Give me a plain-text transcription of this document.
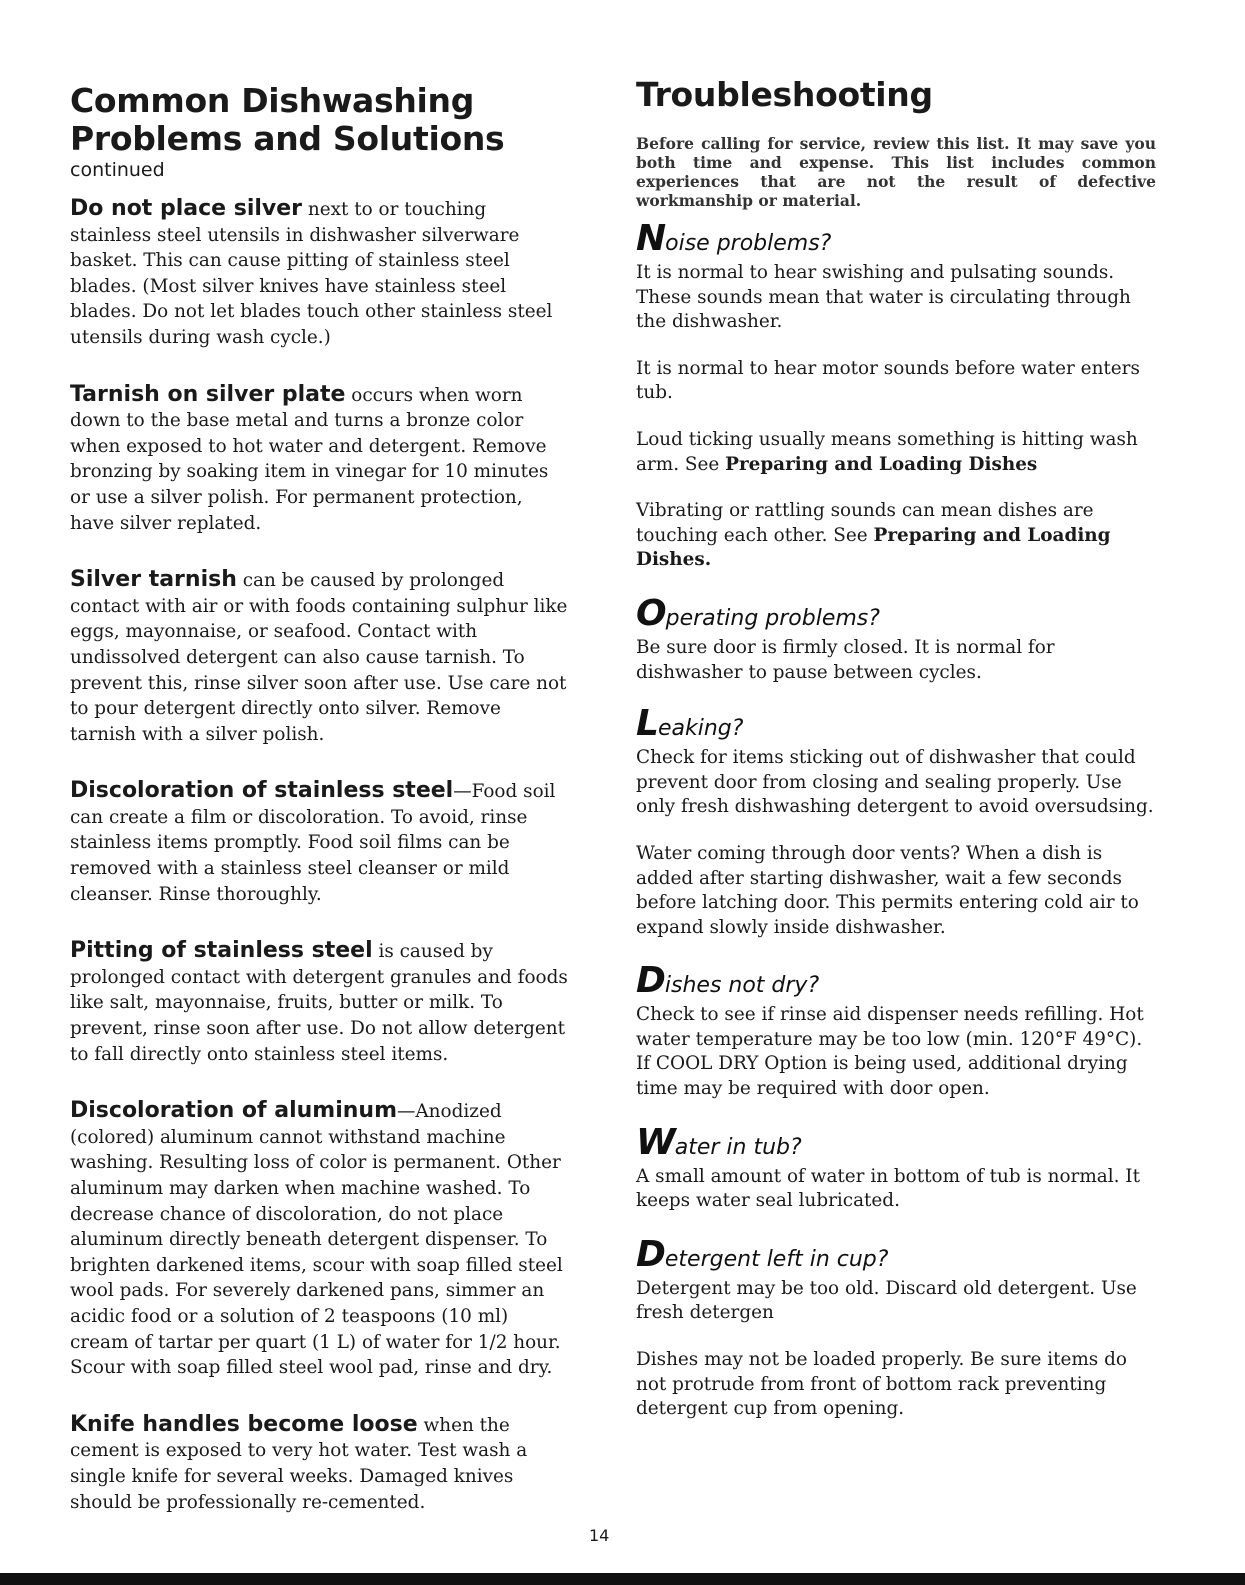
Common Dishwashing Problems and Solutions
continued

Do not place silver next to or touching stainless steel utensils in dishwasher silverware basket. This can cause pitting of stainless steel blades. (Most silver knives have stainless steel blades. Do not let blades touch other stainless steel utensils during wash cycle.)

Tarnish on silver plate occurs when worn down to the base metal and turns a bronze color when exposed to hot water and detergent. Remove bronzing by soaking item in vinegar for 10 minutes or use a silver polish. For permanent protection, have silver replated.

Silver tarnish can be caused by prolonged contact with air or with foods containing sulphur like eggs, mayonnaise, or seafood. Contact with undissolved detergent can also cause tarnish. To prevent this, rinse silver soon after use. Use care not to pour detergent directly onto silver. Remove tarnish with a silver polish.

Discoloration of stainless steel—Food soil can create a film or discoloration. To avoid, rinse stainless items promptly. Food soil films can be removed with a stainless steel cleanser or mild cleanser. Rinse thoroughly.

Pitting of stainless steel is caused by prolonged contact with detergent granules and foods like salt, mayonnaise, fruits, butter or milk. To prevent, rinse soon after use. Do not allow detergent to fall directly onto stainless steel items.

Discoloration of aluminum—Anodized (colored) aluminum cannot withstand machine washing. Resulting loss of color is permanent. Other aluminum may darken when machine washed. To decrease chance of discoloration, do not place aluminum directly beneath detergent dispenser. To brighten darkened items, scour with soap filled steel wool pads. For severely darkened pans, simmer an acidic food or a solution of 2 teaspoons (10 ml) cream of tartar per quart (1 L) of water for 1/2 hour. Scour with soap filled steel wool pad, rinse and dry.

Knife handles become loose when the cement is exposed to very hot water. Test wash a single knife for several weeks. Damaged knives should be professionally re-cemented.

Troubleshooting

Before calling for service, review this list. It may save you both time and expense. This list includes common experiences that are not the result of defective workmanship or material.

Noise problems?

It is normal to hear swishing and pulsating sounds. These sounds mean that water is circulating through the dishwasher.

It is normal to hear motor sounds before water enters tub.

Loud ticking usually means something is hitting wash arm. See Preparing and Loading Dishes

Vibrating or rattling sounds can mean dishes are touching each other. See Preparing and Loading Dishes.

Operating problems?

Be sure door is firmly closed. It is normal for dishwasher to pause between cycles.

Leaking?

Check for items sticking out of dishwasher that could prevent door from closing and sealing properly. Use only fresh dishwashing detergent to avoid oversudsing.

Water coming through door vents? When a dish is added after starting dishwasher, wait a few seconds before latching door. This permits entering cold air to expand slowly inside dishwasher.

Dishes not dry?

Check to see if rinse aid dispenser needs refilling. Hot water temperature may be too low (min. 120°F 49°C). If COOL DRY Option is being used, additional drying time may be required with door open.

Water in tub?

A small amount of water in bottom of tub is normal. It keeps water seal lubricated.

Detergent left in cup?

Detergent may be too old. Discard old detergent. Use fresh detergen

Dishes may not be loaded properly. Be sure items do not protrude from front of bottom rack preventing detergent cup from opening.

14
